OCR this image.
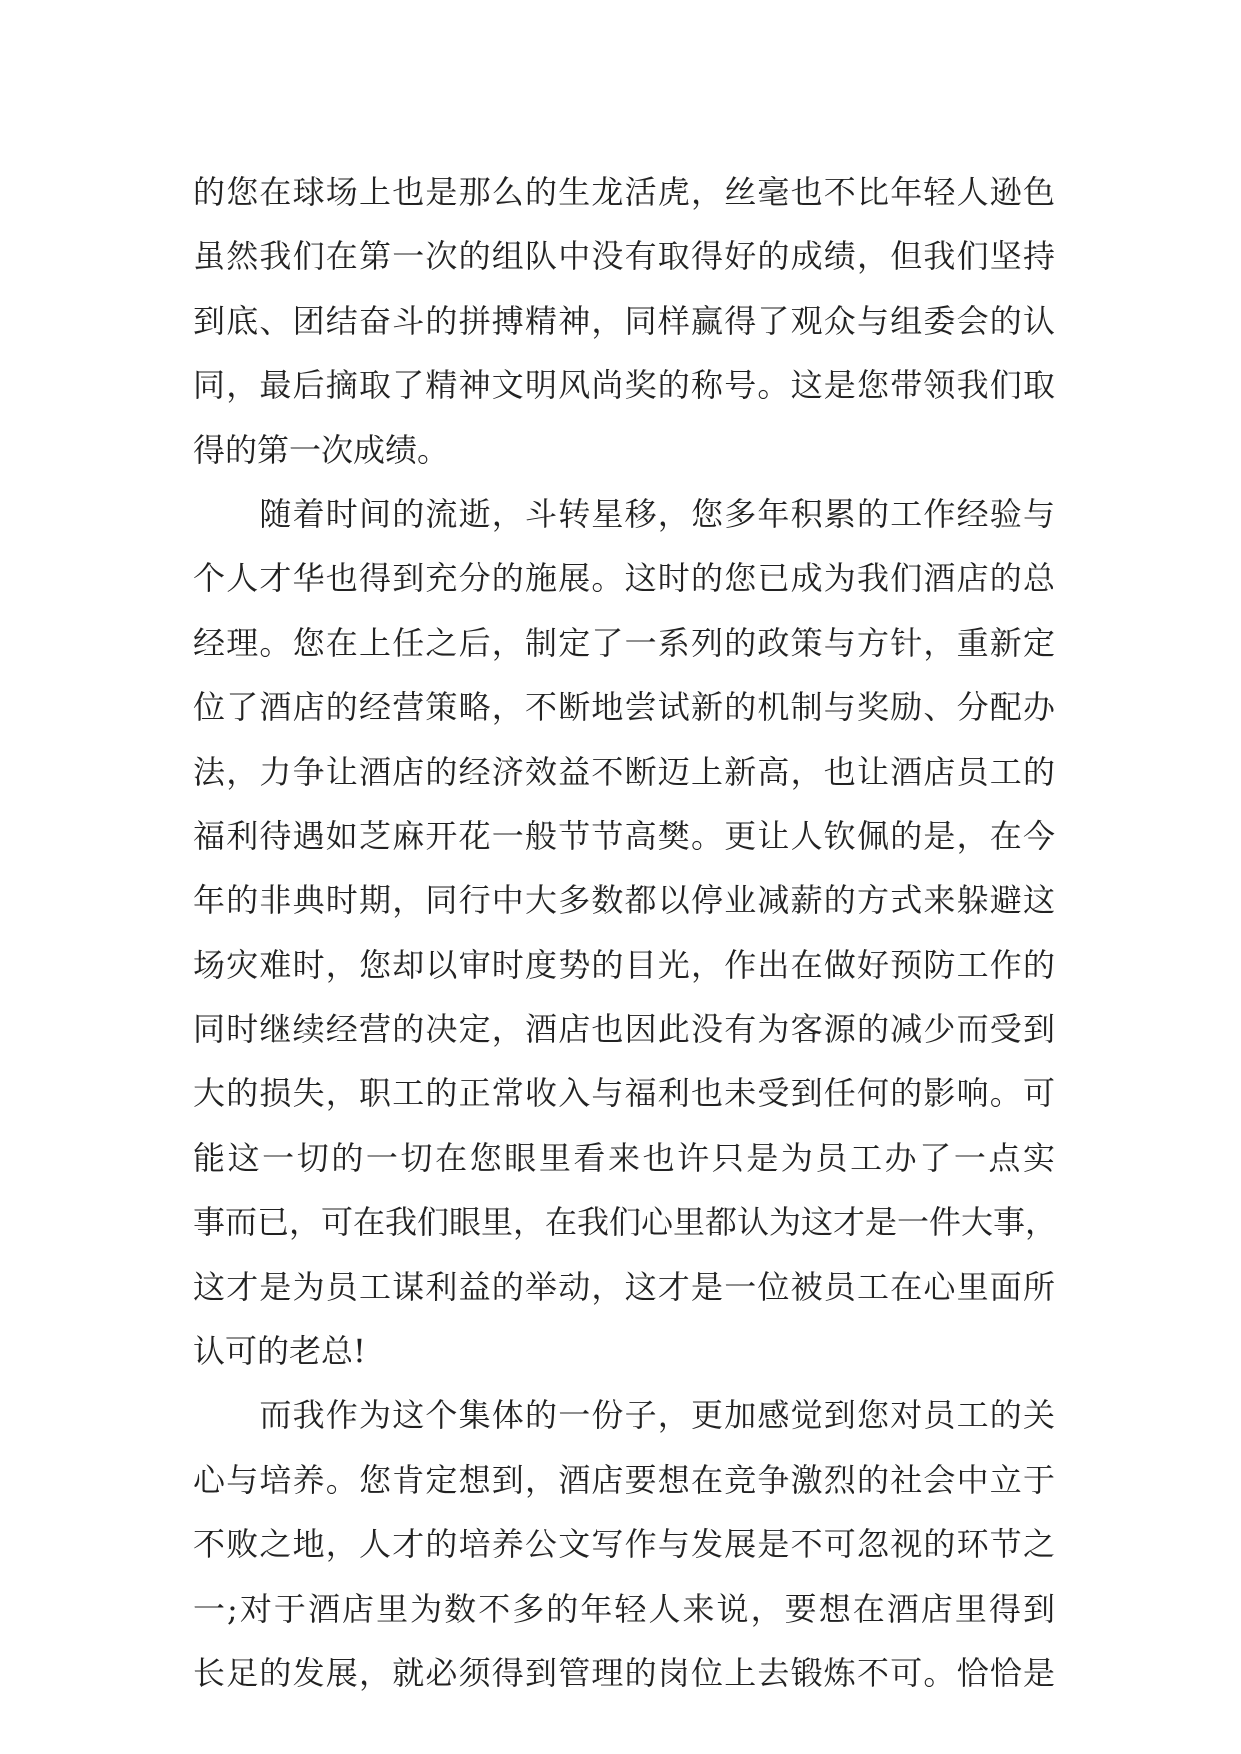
的您在球场上也是那么的生龙活虎，丝毫也不比年轻人逊色
虽然我们在第一次的组队中没有取得好的成绩，但我们坚持
到底、团结奋斗的拼搏精神，同样赢得了观众与组委会的认
同，最后摘取了精神文明风尚奖的称号。这是您带领我们取
得的第一次成绩。
　　随着时间的流逝，斗转星移，您多年积累的工作经验与
个人才华也得到充分的施展。这时的您已成为我们酒店的总
经理。您在上任之后，制定了一系列的政策与方针，重新定
位了酒店的经营策略，不断地尝试新的机制与奖励、分配办
法，力争让酒店的经济效益不断迈上新高，也让酒店员工的
福利待遇如芝麻开花一般节节高樊。更让人钦佩的是，在今
年的非典时期，同行中大多数都以停业减薪的方式来躲避这
场灾难时，您却以审时度势的目光，作出在做好预防工作的
同时继续经营的决定，酒店也因此没有为客源的减少而受到
大的损失，职工的正常收入与福利也未受到任何的影响。可
能这一切的一切在您眼里看来也许只是为员工办了一点实
事而已，可在我们眼里，在我们心里都认为这才是一件大事，
这才是为员工谋利益的举动，这才是一位被员工在心里面所
认可的老总!
　　而我作为这个集体的一份子，更加感觉到您对员工的关
心与培养。您肯定想到，酒店要想在竞争激烈的社会中立于
不败之地，人才的培养公文写作与发展是不可忽视的环节之
一;对于酒店里为数不多的年轻人来说，要想在酒店里得到
长足的发展，就必须得到管理的岗位上去锻炼不可。恰恰是
